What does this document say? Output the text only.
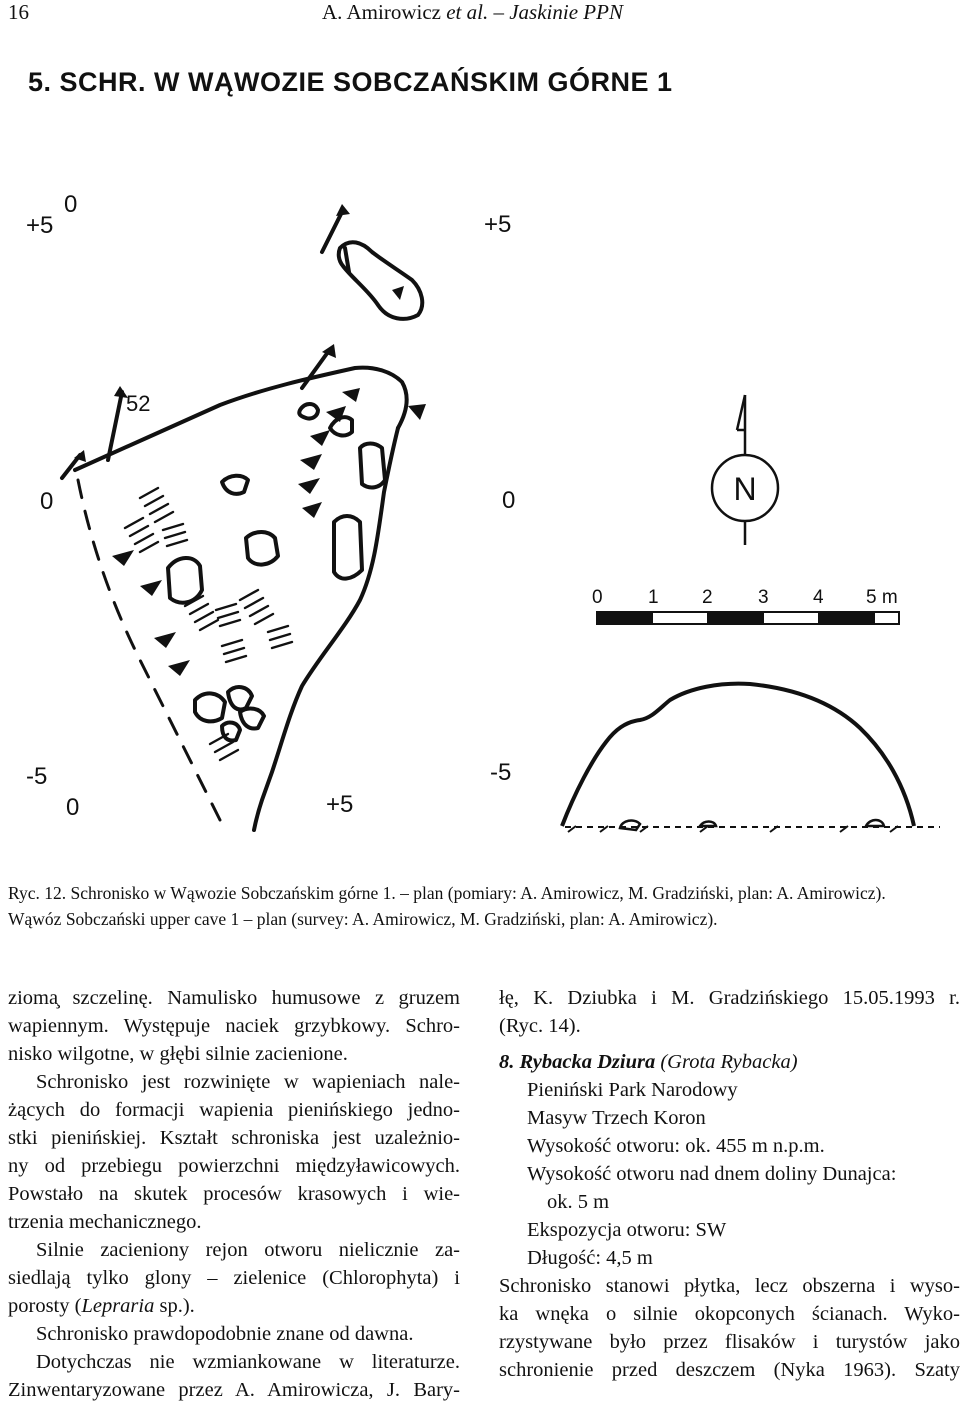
16	A. Amirowicz et al. – Jaskinie PPN
5. SCHR. W WĄWOZIE SOBCZAŃSKIM GÓRNE 1
+5
0
+5
52
0	0
-5	-5
0	+5
N
0 1 2 3 4 5 m
Ryc. 12. Schronisko w Wąwozie Sobczańskim górne 1. – plan (pomiary: A. Amirowicz, M. Gradziński, plan: A. Amirowicz).
Wąwóz Sobczański upper cave 1 – plan (survey: A. Amirowicz, M. Gradziński, plan: A. Amirowicz).
zioma̧ szczelinę. Namulisko humusowe z gruzem
wapiennym. Występuje naciek grzybkowy. Schro-
nisko wilgotne, w głębi silnie zacienione.
Schronisko jest rozwinięte w wapieniach nale-
żących do formacji wapienia pienińskiego jedno-
stki pienińskiej. Kształt schroniska jest uzależnio-
ny od przebiegu powierzchni międzyławicowych.
Powstało na skutek procesów krasowych i wie-
trzenia mechanicznego.
Silnie zacieniony rejon otworu nielicznie za-
siedlają tylko glony – zielenice (Chlorophyta) i
porosty (Lepraria sp.).
Schronisko prawdopodobnie znane od dawna.
Dotychczas nie wzmiankowane w literaturze.
Zinwentaryzowane przez A. Amirowicza, J. Bary-
łę, K. Dziubka i M. Gradzińskiego 15.05.1993 r.
(Ryc. 14).
8. Rybacka Dziura (Grota Rybacka)
Pieniński Park Narodowy
Masyw Trzech Koron
Wysokość otworu: ok. 455 m n.p.m.
Wysokość otworu nad dnem doliny Dunajca:
ok. 5 m
Ekspozycja otworu: SW
Długość: 4,5 m
Schronisko stanowi płytka, lecz obszerna i wyso-
ka wnęka o silnie okopconych ścianach. Wyko-
rzystywane było przez flisaków i turystów jako
schronienie przed deszczem (Nyka 1963). Szaty
